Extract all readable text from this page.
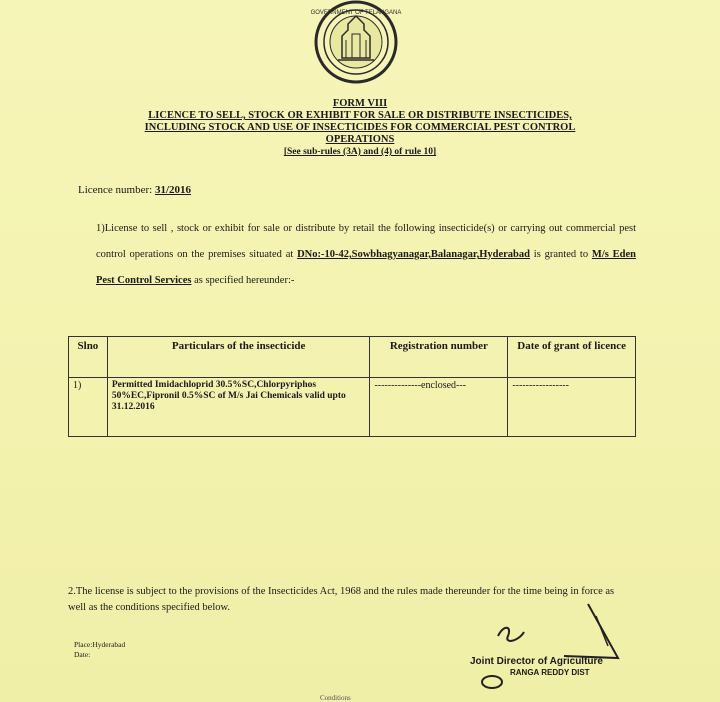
GOVERNMENT OF TELANGANA
FORM VIII
LICENCE TO SELL, STOCK OR EXHIBIT FOR SALE OR DISTRIBUTE INSECTICIDES,
INCLUDING STOCK AND USE OF INSECTICIDES FOR COMMERCIAL PEST CONTROL
OPERATIONS
[See sub-rules (3A) and (4) of rule 10]
Licence number: 31/2016
1)License to sell , stock or exhibit for sale or distribute by retail the following insecticide(s) or carrying out commercial pest control operations on the premises situated at DNo:-10-42,Sowbhagyanagar,Balanagar,Hyderabad is granted to M/s Eden Pest Control Services as specified hereunder:-
Slno	Particulars of the insecticide	Registration number	Date of grant of licence
1)	Permitted Imidachloprid 30.5%SC,Chlorpyriphos 50%EC,Fipronil 0.5%SC of M/s Jai Chemicals valid upto 31.12.2016	--------------enclosed---	-----------------
2.The license is subject to the provisions of the Insecticides Act, 1968 and the rules made thereunder for the time being in force as well as the conditions specified below.
Place:Hyderabad
Date:
Joint Director of Agriculture
RANGA REDDY DIST
Conditions
